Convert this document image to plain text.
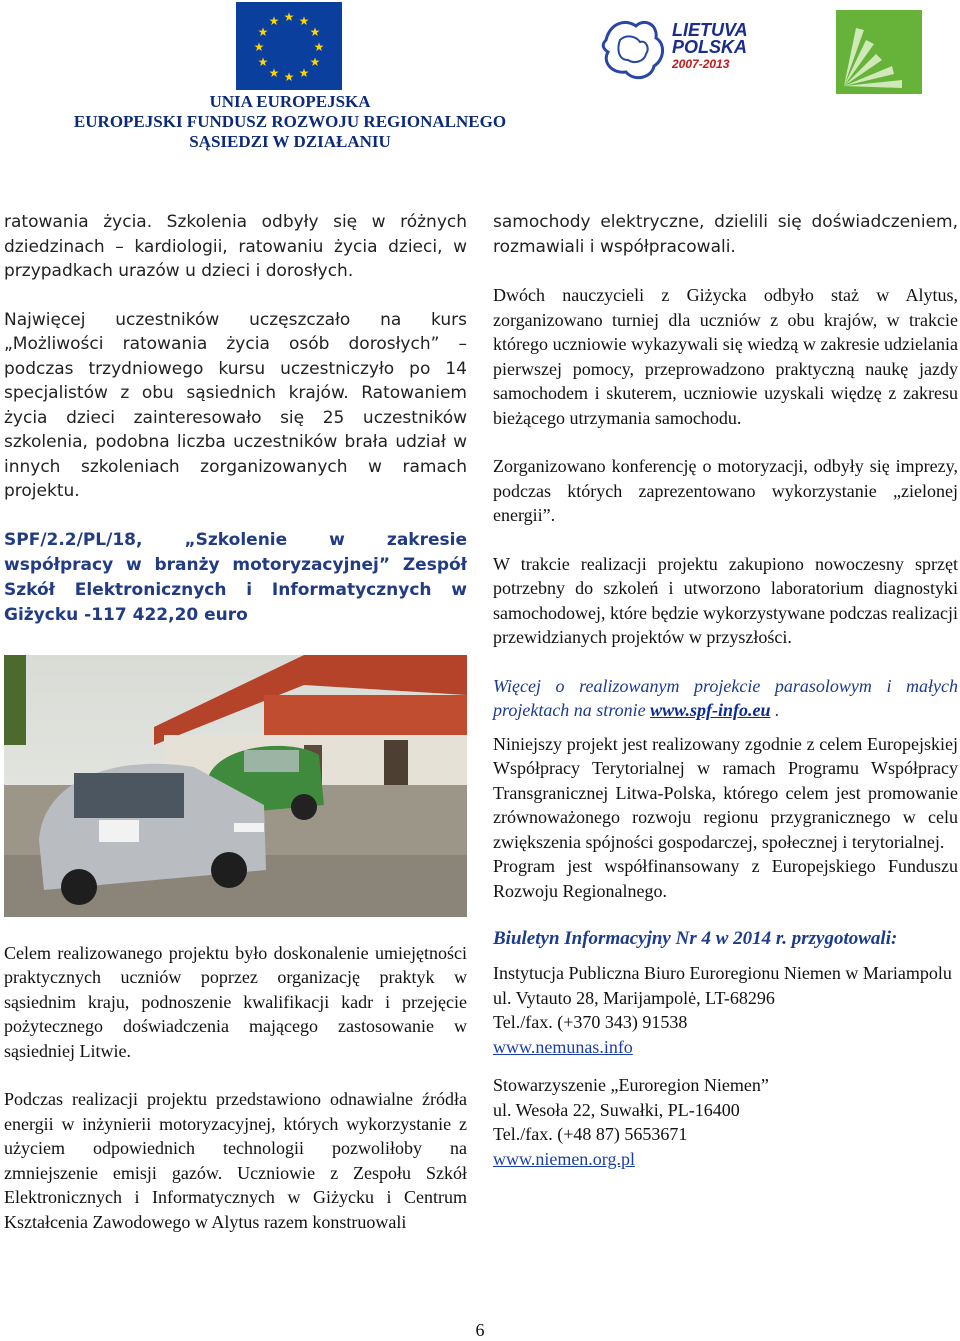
★ ★
★
★
★
★
★
★
★
★
★
★
UNIA EUROPEJSKA
EUROPEJSKI FUNDUSZ ROZWOJU REGIONALNEGO
SĄSIEDZI W DZIAŁANIU
LIETUVA
POLSKA
2007-2013

ratowania życia. Szkolenia odbyły się w różnych dziedzinach – kardiologii, ratowaniu życia dzieci, w przypadkach urazów u dzieci i dorosłych.

Najwięcej uczestników uczęszczało na kurs „Możliwości ratowania życia osób dorosłych” – podczas trzydniowego kursu uczestniczyło po 14 specjalistów z obu sąsiednich krajów. Ratowaniem życia dzieci zainteresowało się 25 uczestników szkolenia, podobna liczba uczestników brała udział w innych szkoleniach zorganizowanych w ramach projektu.

SPF/2.2/PL/18, „Szkolenie w zakresie współpracy w branży motoryzacyjnej” Zespół Szkół Elektronicznych i Informatycznych w Giżycku -117 422,20 euro

Celem realizowanego projektu było doskonalenie umiejętności praktycznych uczniów poprzez organizację praktyk w sąsiednim kraju, podnoszenie kwalifikacji kadr i przejęcie pożytecznego doświadczenia mającego zastosowanie w sąsiedniej Litwie.

Podczas realizacji projektu przedstawiono odnawialne źródła energii w inżynierii motoryzacyjnej, których wykorzystanie z użyciem odpowiednich technologii pozwoliłoby na zmniejszenie emisji gazów. Uczniowie z Zespołu Szkół Elektronicznych i Informatycznych w Giżycku i Centrum Kształcenia Zawodowego w Alytus razem konstruowali

samochody elektryczne, dzielili się doświadczeniem, rozmawiali i współpracowali.

Dwóch nauczycieli z Giżycka odbyło staż w Alytus, zorganizowano turniej dla uczniów z obu krajów, w trakcie którego uczniowie wykazywali się wiedzą w zakresie udzielania pierwszej pomocy, przeprowadzono praktyczną naukę jazdy samochodem i skuterem, uczniowie uzyskali więdzę z zakresu bieżącego utrzymania samochodu.

Zorganizowano konferencję o motoryzacji, odbyły się imprezy, podczas których zaprezentowano wykorzystanie „zielonej energii”.

W trakcie realizacji projektu zakupiono nowoczesny sprzęt potrzebny do szkoleń i utworzono laboratorium diagnostyki samochodowej, które będzie wykorzystywane podczas realizacji przewidzianych projektów w przyszłości.

Więcej o realizowanym projekcie parasolowym i małych projektach na stronie www.spf-info.eu .

Niniejszy projekt jest realizowany zgodnie z celem Europejskiej Współpracy Terytorialnej w ramach Programu Współpracy Transgranicznej Litwa-Polska, którego celem jest promowanie zrównoważonego rozwoju regionu przygranicznego w celu zwiększenia spójności gospodarczej, społecznej i terytorialnej.

Program jest współfinansowany z Europejskiego Funduszu Rozwoju Regionalnego.

Biuletyn Informacyjny Nr 4 w 2014 r. przygotowali:

Instytucja Publiczna Biuro Euroregionu Niemen w Mariampolu
ul. Vytauto 28, Marijampolė, LT-68296
Tel./fax. (+370 343) 91538
www.nemunas.info
Stowarzyszenie „Euroregion Niemen”
ul. Wesoła 22, Suwałki, PL-16400
Tel./fax. (+48 87) 5653671
www.niemen.org.pl
6
